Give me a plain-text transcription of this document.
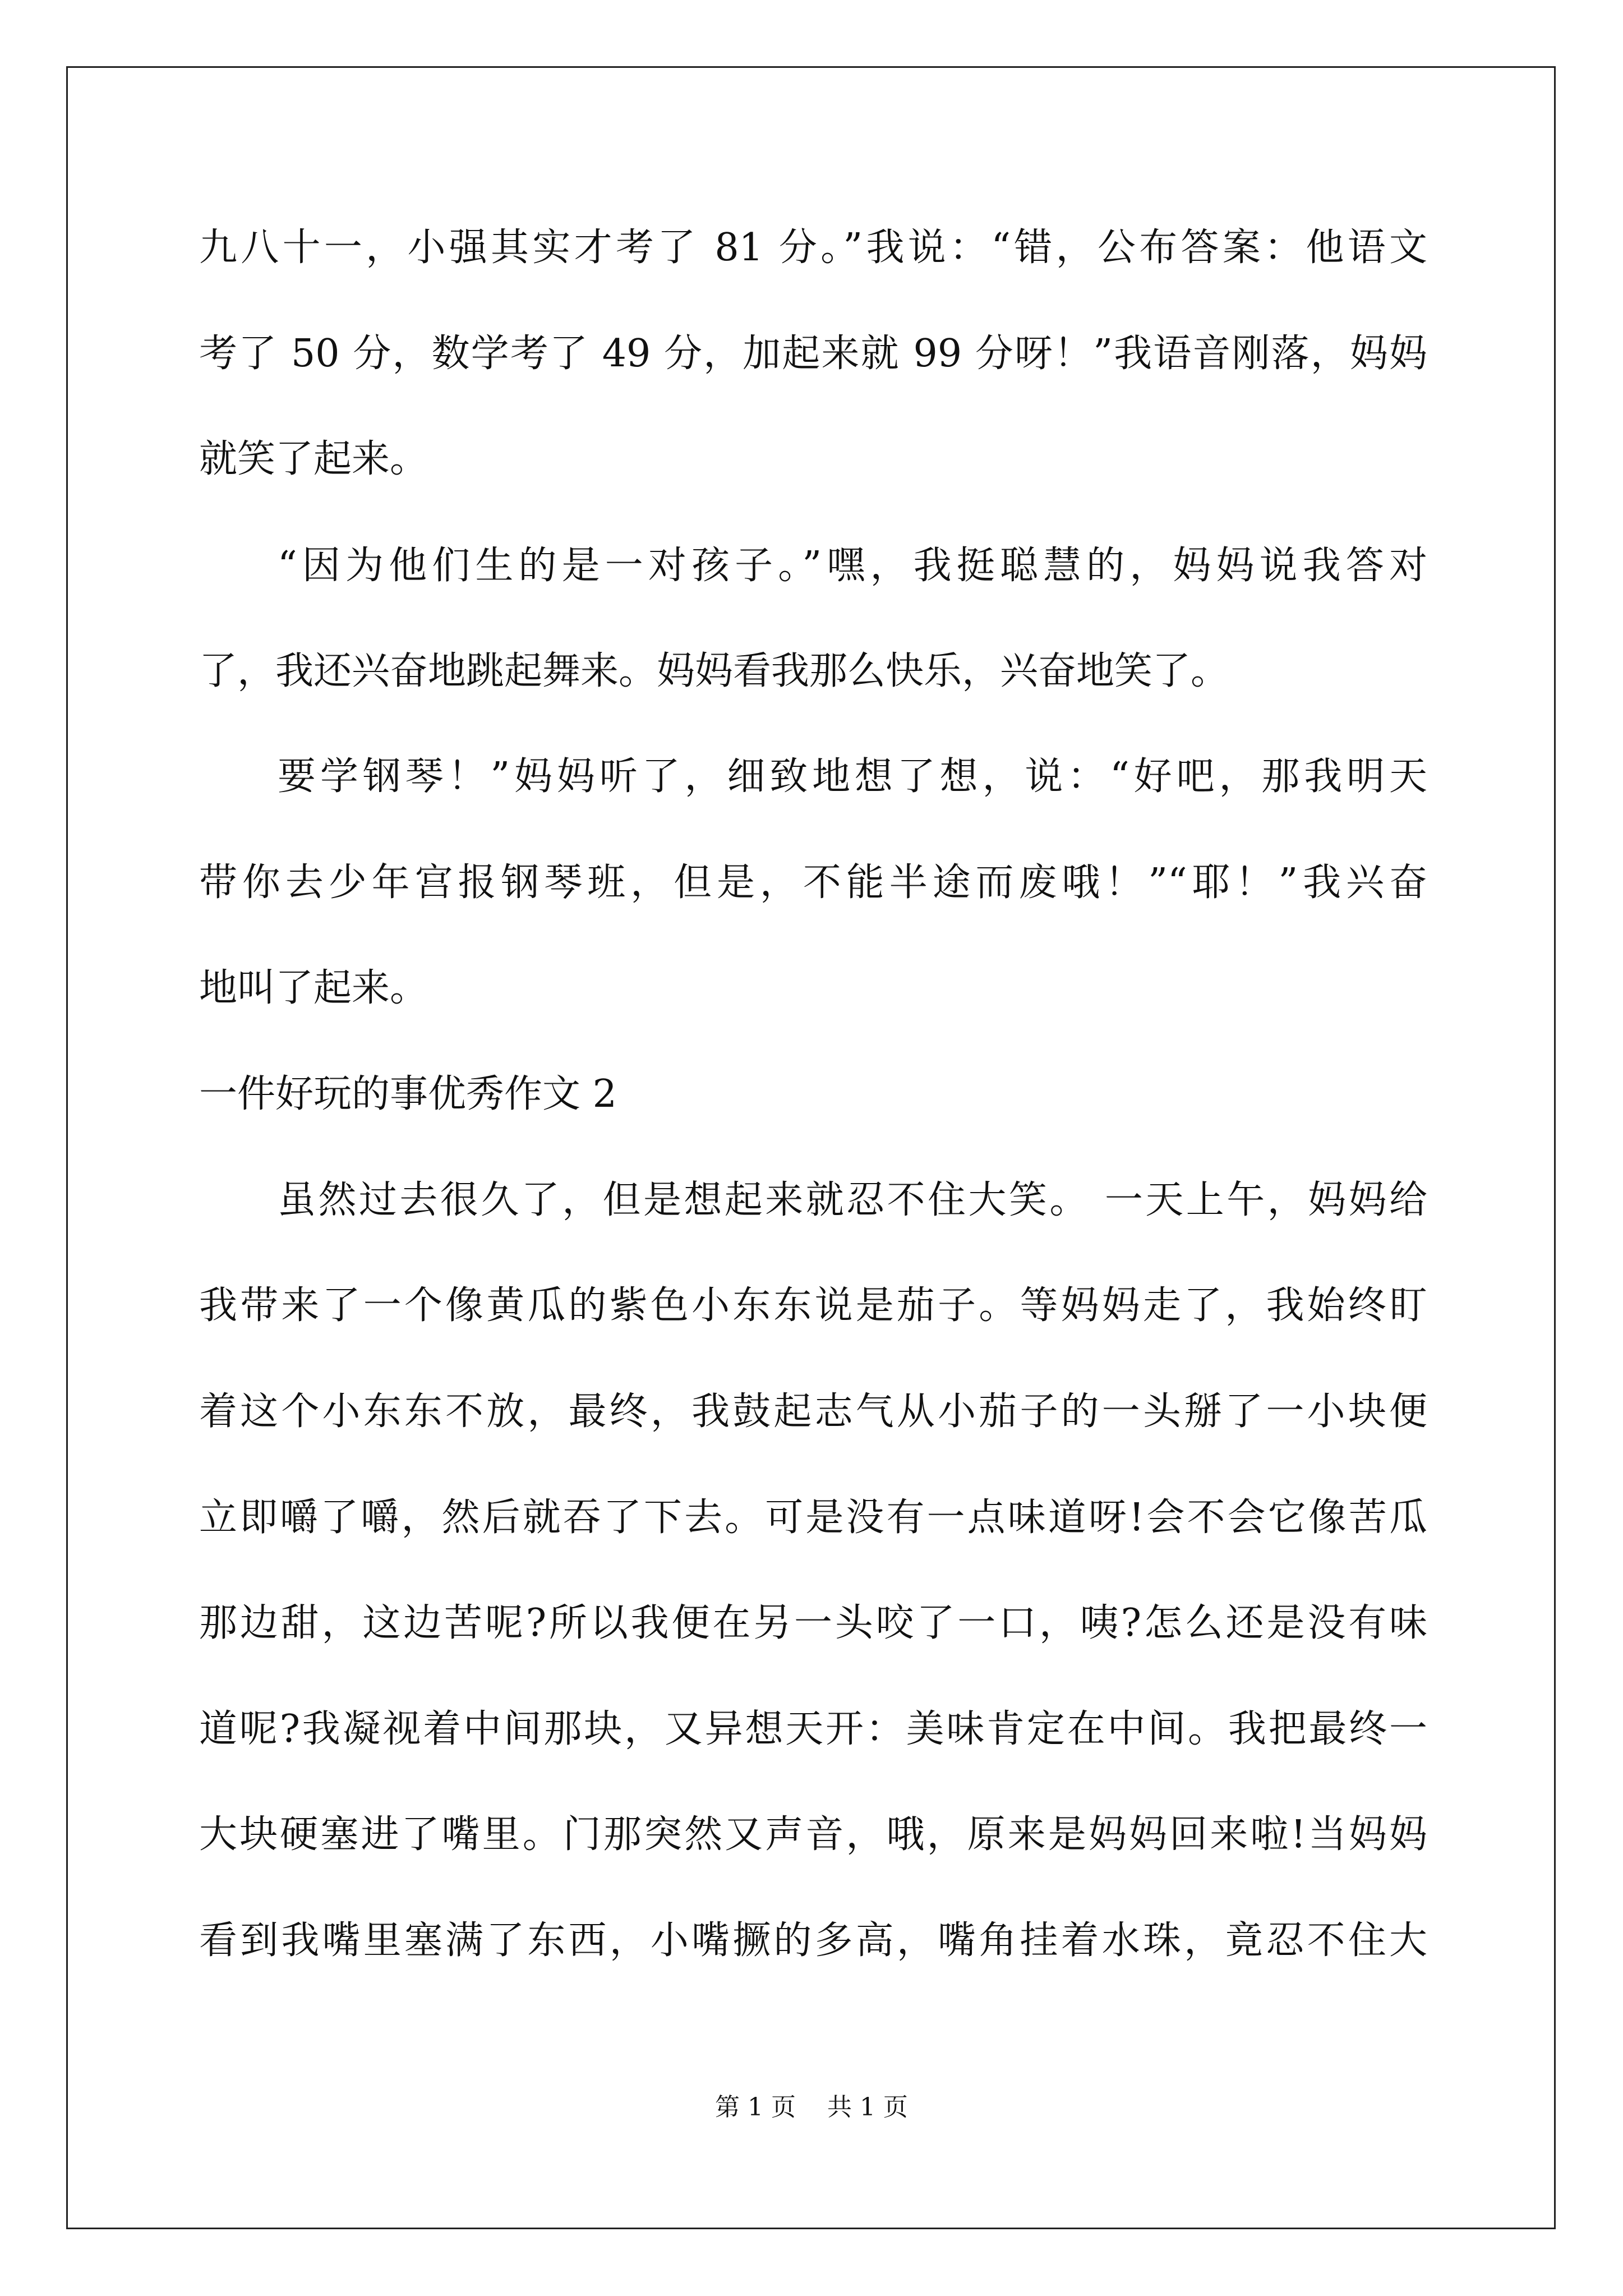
九八十一，小强其实才考了 81 分。”我说：“错，公布答案：他语文
考了 50 分，数学考了 49 分，加起来就 99 分呀！”我语音刚落，妈妈
就笑了起来。
“因为他们生的是一对孩子。”嘿，我挺聪慧的，妈妈说我答对
了，我还兴奋地跳起舞来。妈妈看我那么快乐，兴奋地笑了。
要学钢琴！”妈妈听了，细致地想了想，说：“好吧，那我明天
带你去少年宫报钢琴班，但是，不能半途而废哦！”“耶！”我兴奋
地叫了起来。
一件好玩的事优秀作文 2
虽然过去很久了，但是想起来就忍不住大笑。 一天上午，妈妈给
我带来了一个像黄瓜的紫色小东东说是茄子。等妈妈走了，我始终盯
着这个小东东不放，最终，我鼓起志气从小茄子的一头掰了一小块便
立即嚼了嚼，然后就吞了下去。可是没有一点味道呀!会不会它像苦瓜
那边甜，这边苦呢?所以我便在另一头咬了一口，咦?怎么还是没有味
道呢?我凝视着中间那块，又异想天开：美味肯定在中间。我把最终一
大块硬塞进了嘴里。门那突然又声音，哦，原来是妈妈回来啦!当妈妈
看到我嘴里塞满了东西，小嘴撅的多高，嘴角挂着水珠，竟忍不住大
第 1 页    共 1 页
